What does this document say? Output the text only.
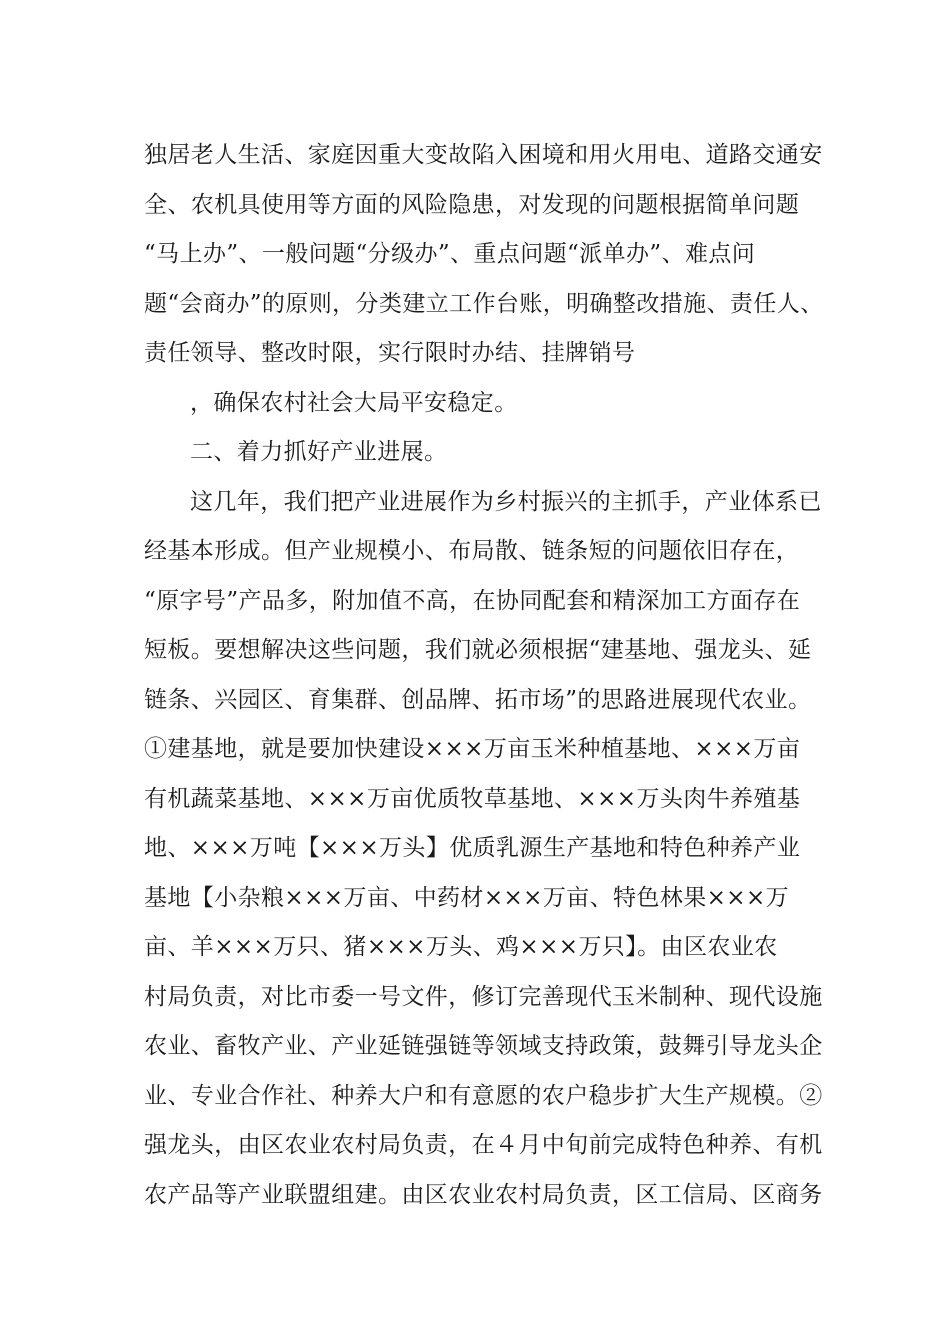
独居老人生活、家庭因重大变故陷入困境和用火用电、道路交通安
全、农机具使用等方面的风险隐患，对发现的问题根据简单问题
“马上办”、一般问题“分级办”、重点问题“派单办”、难点问
题“会商办”的原则，分类建立工作台账，明确整改措施、责任人、
责任领导、整改时限，实行限时办结、挂牌销号
，确保农村社会大局平安稳定。
二、着力抓好产业进展。
这几年，我们把产业进展作为乡村振兴的主抓手，产业体系已
经基本形成。但产业规模小、布局散、链条短的问题依旧存在，
“原字号”产品多，附加值不高，在协同配套和精深加工方面存在
短板。要想解决这些问题，我们就必须根据“建基地、强龙头、延
链条、兴园区、育集群、创品牌、拓市场”的思路进展现代农业。
①建基地，就是要加快建设×××万亩玉米种植基地、×××万亩
有机蔬菜基地、×××万亩优质牧草基地、×××万头肉牛养殖基
地、×××万吨【×××万头】优质乳源生产基地和特色种养产业
基地【小杂粮×××万亩、中药材×××万亩、特色林果×××万
亩、羊×××万只、猪×××万头、鸡×××万只】。由区农业农
村局负责，对比市委一号文件，修订完善现代玉米制种、现代设施
农业、畜牧产业、产业延链强链等领域支持政策，鼓舞引导龙头企
业、专业合作社、种养大户和有意愿的农户稳步扩大生产规模。②
强龙头，由区农业农村局负责，在４月中旬前完成特色种养、有机
农产品等产业联盟组建。由区农业农村局负责，区工信局、区商务
